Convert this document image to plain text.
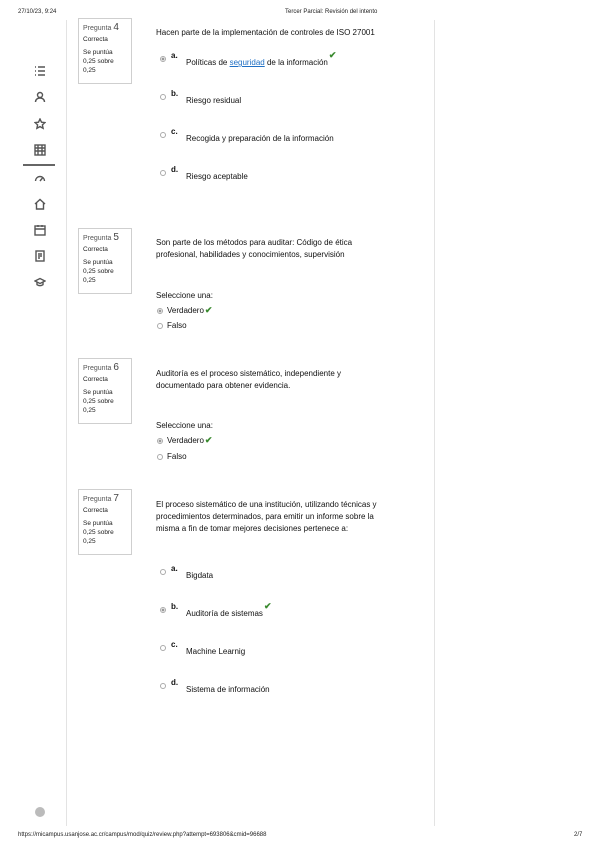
27/10/23, 9:24	Tercer Parcial: Revisión del intento
https://micampus.usanjose.ac.cr/campus/mod/quiz/review.php?attempt=693806&cmid=96688	2/7
Pregunta 4
Correcta
Se puntúa
0,25 sobre
0,25
Hacen parte de la implementación de controles de ISO 27001
a.
Políticas de seguridad de la información
✔
b.
Riesgo residual
c.
Recogida y preparación de la información
d.
Riesgo aceptable
Pregunta 5
Correcta
Se puntúa
0,25 sobre
0,25
Son parte de los métodos para auditar: Código de ética
profesional, habilidades y conocimientos, supervisión
Seleccione una:
Verdadero ✔
Falso
Pregunta 6
Correcta
Se puntúa
0,25 sobre
0,25
Auditoría es el proceso sistemático, independiente y
documentado para obtener evidencia.
Seleccione una:
Verdadero ✔
Falso
Pregunta 7
Correcta
Se puntúa
0,25 sobre
0,25
El proceso sistemático de una institución, utilizando técnicas y
procedimientos determinados, para emitir un informe sobre la
misma a fin de tomar mejores decisiones pertenece a:
a.
Bigdata
b.
Auditoría de sistemas
✔
c.
Machine Learnig
d.
Sistema de información
